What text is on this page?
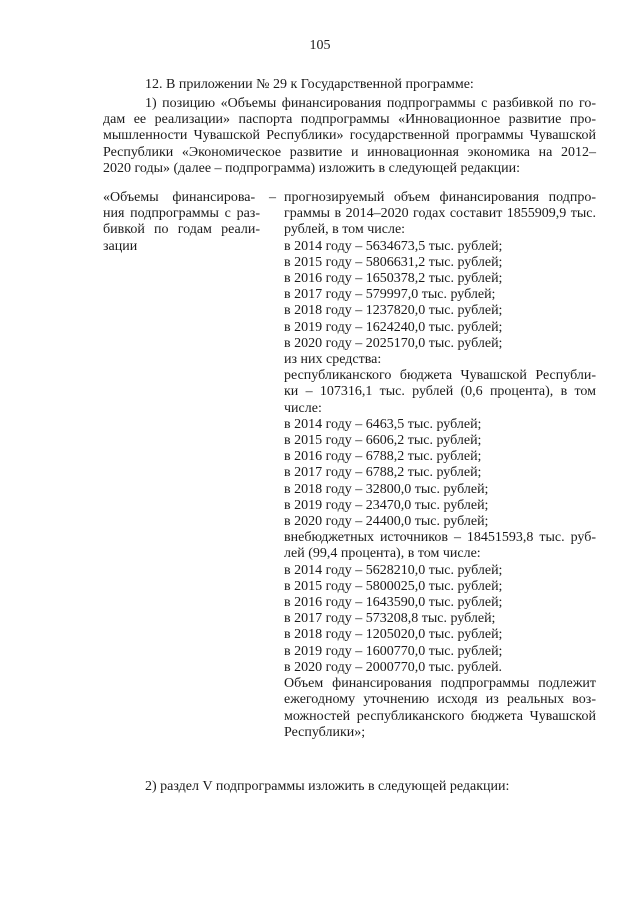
105
12. В приложении № 29 к Государственной программе:
1) позицию «Объемы финансирования подпрограммы с разбивкой по го-
дам ее реализации» паспорта подпрограммы «Инновационное развитие про-
мышленности Чувашской Республики» государственной программы Чувашской
Республики «Экономическое развитие и инновационная экономика на 2012–
2020 годы» (далее – подпрограмма) изложить в следующей редакции:
«Объемы финансирова- –
ния подпрограммы с раз-
бивкой по годам реали-
зации
прогнозируемый объем финансирования подпро-
граммы в 2014–2020 годах составит 1855909,9 тыс.
рублей, в том числе:
в 2014 году – 5634673,5 тыс. рублей;
в 2015 году – 5806631,2 тыс. рублей;
в 2016 году – 1650378,2 тыс. рублей;
в 2017 году – 579997,0 тыс. рублей;
в 2018 году – 1237820,0 тыс. рублей;
в 2019 году – 1624240,0 тыс. рублей;
в 2020 году – 2025170,0 тыс. рублей;
из них средства:
республиканского бюджета Чувашской Республи-
ки – 107316,1 тыс. рублей (0,6 процента), в том
числе:
в 2014 году – 6463,5 тыс. рублей;
в 2015 году – 6606,2 тыс. рублей;
в 2016 году – 6788,2 тыс. рублей;
в 2017 году – 6788,2 тыс. рублей;
в 2018 году – 32800,0 тыс. рублей;
в 2019 году – 23470,0 тыс. рублей;
в 2020 году – 24400,0 тыс. рублей;
внебюджетных источников – 18451593,8 тыс. руб-
лей (99,4 процента), в том числе:
в 2014 году – 5628210,0 тыс. рублей;
в 2015 году – 5800025,0 тыс. рублей;
в 2016 году – 1643590,0 тыс. рублей;
в 2017 году – 573208,8 тыс. рублей;
в 2018 году – 1205020,0 тыс. рублей;
в 2019 году – 1600770,0 тыс. рублей;
в 2020 году – 2000770,0 тыс. рублей.
Объем финансирования подпрограммы подлежит
ежегодному уточнению исходя из реальных воз-
можностей республиканского бюджета Чувашской
Республики»;
2) раздел V подпрограммы изложить в следующей редакции:
